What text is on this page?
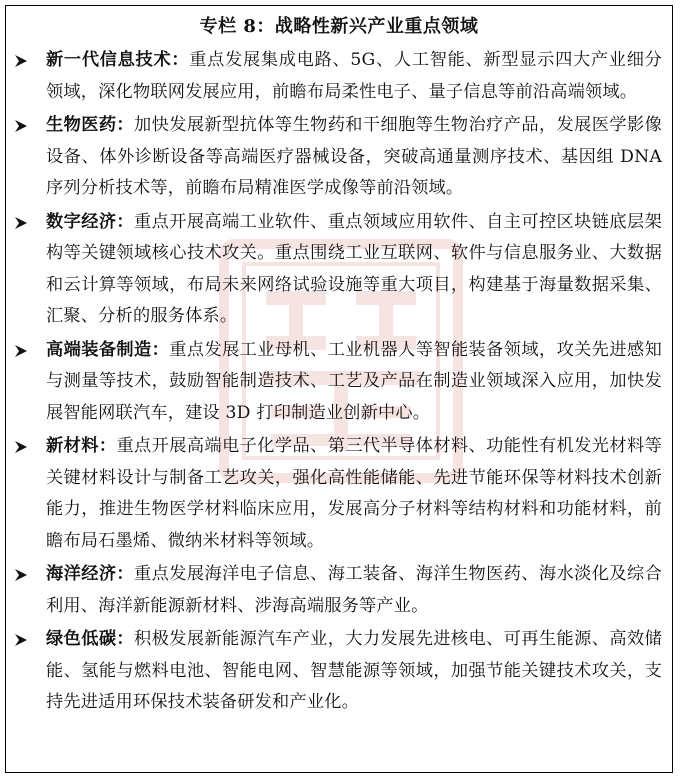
专栏 8：战略性新兴产业重点领域
新一代信息技术：重点发展集成电路、5G、人工智能、新型显示四大产业细分领域，深化物联网发展应用，前瞻布局柔性电子、量子信息等前沿高端领域。
生物医药：加快发展新型抗体等生物药和干细胞等生物治疗产品，发展医学影像设备、体外诊断设备等高端医疗器械设备，突破高通量测序技术、基因组 DNA 序列分析技术等，前瞻布局精准医学成像等前沿领域。
数字经济：重点开展高端工业软件、重点领域应用软件、自主可控区块链底层架构等关键领域核心技术攻关。重点围绕工业互联网、软件与信息服务业、大数据和云计算等领域，布局未来网络试验设施等重大项目，构建基于海量数据采集、汇聚、分析的服务体系。
高端装备制造：重点发展工业母机、工业机器人等智能装备领域，攻关先进感知与测量等技术，鼓励智能制造技术、工艺及产品在制造业领域深入应用，加快发展智能网联汽车，建设 3D 打印制造业创新中心。
新材料：重点开展高端电子化学品、第三代半导体材料、功能性有机发光材料等关键材料设计与制备工艺攻关，强化高性能储能、先进节能环保等材料技术创新能力，推进生物医学材料临床应用，发展高分子材料等结构材料和功能材料，前瞻布局石墨烯、微纳米材料等领域。
海洋经济：重点发展海洋电子信息、海工装备、海洋生物医药、海水淡化及综合利用、海洋新能源新材料、涉海高端服务等产业。
绿色低碳：积极发展新能源汽车产业，大力发展先进核电、可再生能源、高效储能、氢能与燃料电池、智能电网、智慧能源等领域，加强节能关键技术攻关，支持先进适用环保技术装备研发和产业化。
